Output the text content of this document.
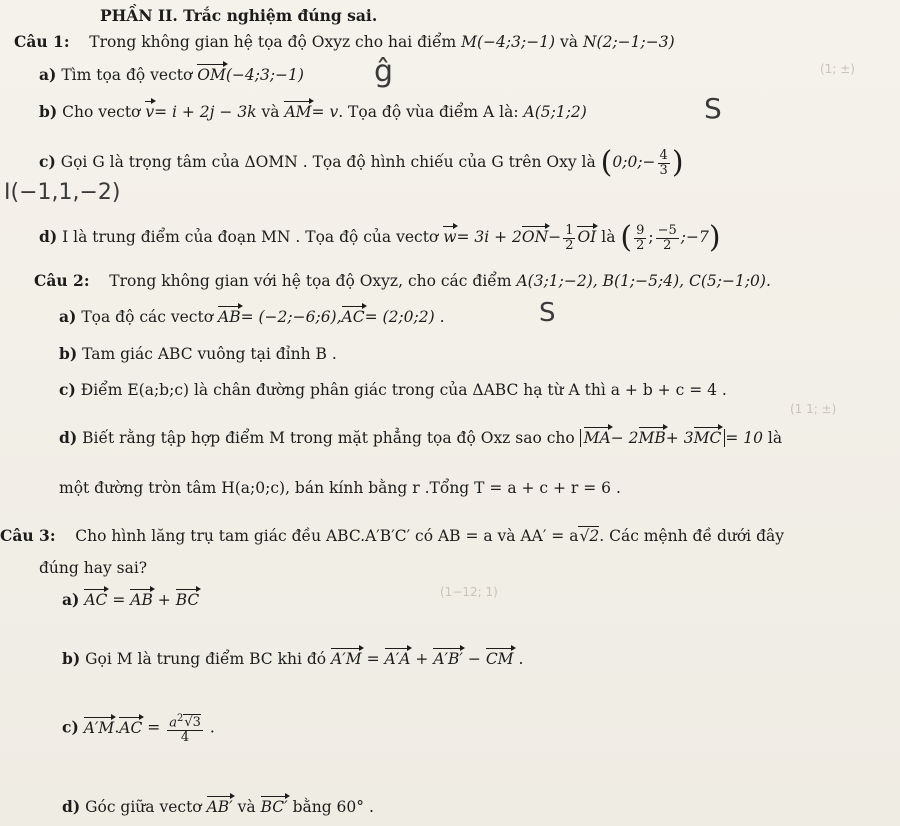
(1; ±)
(1 1; ±)
(1−12; 1)
PHẦN II. Trắc nghiệm đúng sai.
Câu 1: Trong không gian hệ tọa độ Oxyz cho hai điểm M(−4;3;−1) và N(2;−1;−3)
a) Tìm tọa độ vectơ OM(−4;3;−1) ĝ
b) Cho vectơ v= i + 2j − 3k và AM= v. Tọa độ vùa điểm A là: A(5;1;2)	S
c) Gọi G là trọng tâm của ΔOMN . Tọa độ hình chiếu của G trên Oxy là (0;0;− $\frac{4}{3}$ )
I(−1,1,−2)
d) I là trung điểm của đoạn MN . Tọa độ của vectơ $w= 3i + 2ON- \frac{1}{2}$ OI là ( $\frac{9}{2}$ ; $\frac{-5}{2}$ ;−7)
Câu 2: Trong không gian với hệ tọa độ Oxyz, cho các điểm A(3;1;−2), B(1;−5;4), C(5;−1;0).
a) Tọa độ các vectơ AB= (−2;−6;6),AC= (2;0;2) .	S
b) Tam giác ABC vuông tại đỉnh B .
c) Điểm E(a;b;c) là chân đường phân giác trong của ΔABC hạ từ A thì a + b + c = 4 .
d) Biết rằng tập hợp điểm M trong mặt phẳng tọa độ Oxz sao cho MA− 2MB+ 3MC = 10 là
một đường tròn tâm H(a;0;c), bán kính bằng r .Tổng T = a + c + r = 6 .
Câu 3: Cho hình lăng trụ tam giác đều ABC.A′B′C′ có AB = a và AA′ = a√2. Các mệnh đề dưới đây
đúng hay sai?
a) AC = AB + BC
b) Gọi M là trung điểm BC khi đó A′M = A′A + A′B′ − CM .
c) $A'M.AC = \frac{a^2√3}{4}$ .
d) Góc giữa vectơ AB′ và BC′ bằng 60° .
